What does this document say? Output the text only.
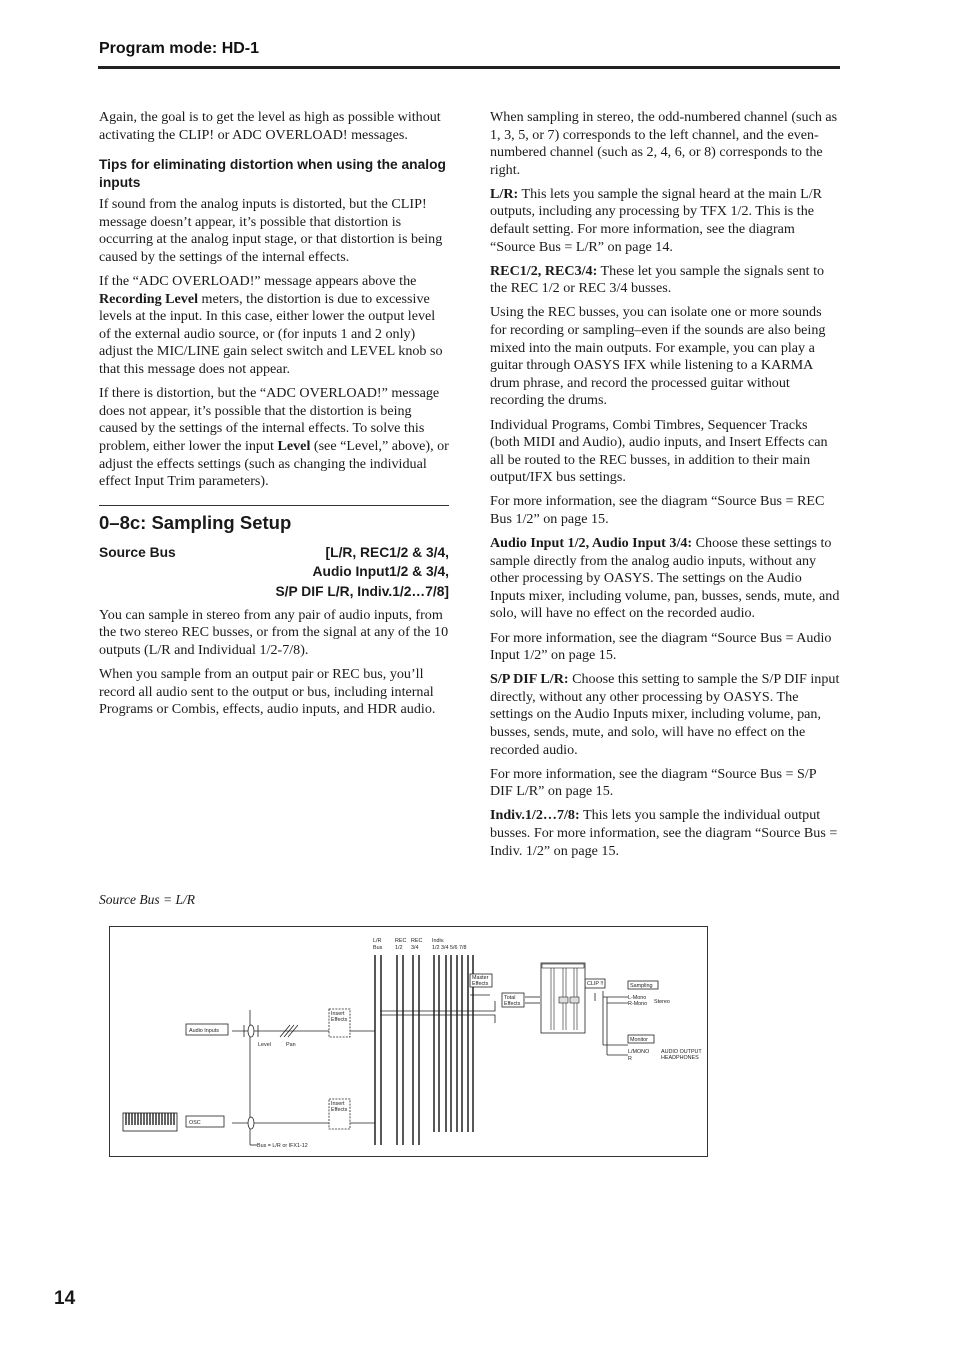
Program mode: HD-1

Again, the goal is to get the level as high as possible without activating the CLIP! or ADC OVERLOAD! messages.

Tips for eliminating distortion when using the analog inputs

If sound from the analog inputs is distorted, but the CLIP! message doesn’t appear, it’s possible that distortion is occurring at the analog input stage, or that distortion is being caused by the settings of the internal effects.

If the “ADC OVERLOAD!” message appears above the Recording Level meters, the distortion is due to excessive levels at the input. In this case, either lower the output level of the external audio source, or (for inputs 1 and 2 only) adjust the MIC/LINE gain select switch and LEVEL knob so that this message does not appear.

If there is distortion, but the “ADC OVERLOAD!” message does not appear, it’s possible that the distortion is being caused by the settings of the internal effects. To solve this problem, either lower the input Level (see “Level,” above), or adjust the effects settings (such as changing the individual effect Input Trim parameters).

0–8c: Sampling Setup
Source Bus	[L/R, REC1/2 & 3/4,
Audio Input1/2 & 3/4,
S/P DIF L/R, Indiv.1/2…7/8]

You can sample in stereo from any pair of audio inputs, from the two stereo REC busses, or from the signal at any of the 10 outputs (L/R and Individual 1/2-7/8).

When you sample from an output pair or REC bus, you’ll record all audio sent to the output or bus, including internal Programs or Combis, effects, audio inputs, and HDR audio.

When sampling in stereo, the odd-numbered channel (such as 1, 3, 5, or 7) corresponds to the left channel, and the even-numbered channel (such as 2, 4, 6, or 8) corresponds to the right.

L/R: This lets you sample the signal heard at the main L/R outputs, including any processing by TFX 1/2. This is the default setting. For more information, see the diagram “Source Bus = L/R” on page 14.

REC1/2, REC3/4: These let you sample the signals sent to the REC 1/2 or REC 3/4 busses.

Using the REC busses, you can isolate one or more sounds for recording or sampling–even if the sounds are also being mixed into the main outputs. For example, you can play a guitar through OASYS IFX while listening to a KARMA drum phrase, and record the processed guitar without recording the drums.

Individual Programs, Combi Timbres, Sequencer Tracks (both MIDI and Audio), audio inputs, and Insert Effects can all be routed to the REC busses, in addition to their main output/IFX bus settings.

For more information, see the diagram “Source Bus = REC Bus 1/2” on page 15.

Audio Input 1/2, Audio Input 3/4: Choose these settings to sample directly from the analog audio inputs, without any other processing by OASYS. The settings on the Audio Inputs mixer, including volume, pan, busses, sends, mute, and solo, will have no effect on the recorded audio.

For more information, see the diagram “Source Bus = Audio Input 1/2” on page 15.

S/P DIF L/R: Choose this setting to sample the S/P DIF input directly, without any other processing by OASYS. The settings on the Audio Inputs mixer, including volume, pan, busses, sends, mute, and solo, will have no effect on the recorded audio.

For more information, see the diagram “Source Bus = S/P DIF L/R” on page 15.

Indiv.1/2…7/8: This lets you sample the individual output busses. For more information, see the diagram “Source Bus = Indiv. 1/2” on page 15.

Source Bus = L/R
L/R
Bus
REC
1/2
REC
3/4
Indiv.
1/2 3/4 5/6 7/8
Master
Effects
Total
Effects
Insert
Effects
Insert
Effects
Audio Inputs
OSC
Level	Pan
CLIP !!	Sampling
L-Mono
R-Mono Stereo
Monitor
L/MONO
R
AUDIO OUTPUT
HEADPHONES
Bus = L/R or IFX1-12
14
